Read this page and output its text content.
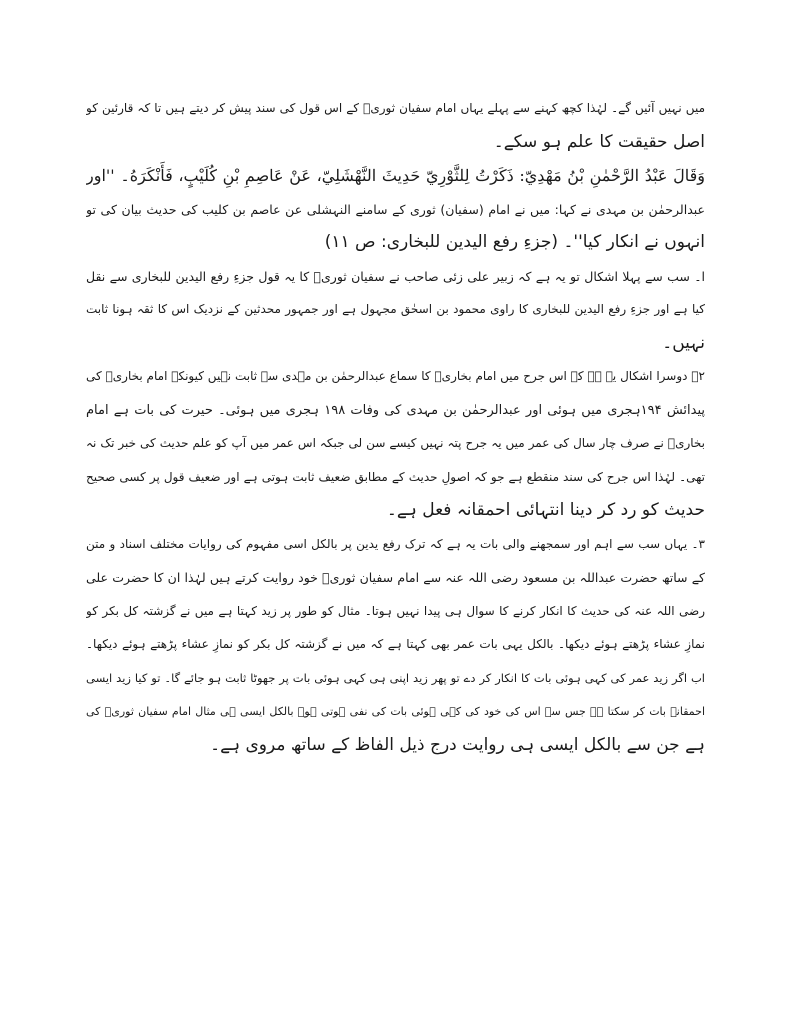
میں نہیں آئیں گے۔ لہٰذا کچھ کہنے سے پہلے یہاں امام سفیان ثوریؒ کے اس قول کی سند پیش کر دیتے ہیں تا کہ قارئین کو
اصل حقیقت کا علم ہو سکے۔
وَقَالَ عَبْدُ الرَّحْمٰنِ بْنُ مَهْدِيّ: ذَكَرْتُ لِلثَّوْرِيّ حَدِيثَ النَّهْشَلِيّ، عَنْ عَاصِمِ بْنِ كُلَيْبٍ، فَأَنْكَرَهُ۔ ''اور
عبدالرحمٰن بن مہدی نے کہا: میں نے امام (سفیان) ثوری کے سامنے النہشلی عن عاصم بن کلیب کی حدیث بیان کی تو
انہوں نے انکار کیا''۔ (جزءِ رفع الیدین للبخاری: ص ۱۱)
ا۔ سب سے پہلا اشکال تو یہ ہے کہ زبیر علی زئی صاحب نے سفیان ثوریؒ کا یہ قول جزءِ رفع الیدین للبخاری سے نقل
کیا ہے اور جزءِ رفع الیدین للبخاری کا راوی محمود بن اسحٰق مجہول ہے اور جمہور محدثین کے نزدیک اس کا ثقہ ہونا ثابت
نہیں۔
۲۔ دوسرا اشکال یہ ہے کہ اس جرح میں امام بخاریؒ کا سماع عبدالرحمٰن بن مہدی سے ثابت نہیں کیونکہ امام بخاریؒ کی
پیدائش ۱۹۴ہجری میں ہوئی اور عبدالرحمٰن بن مہدی کی وفات ۱۹۸ ہجری میں ہوئی۔ حیرت کی بات ہے امام
بخاریؒ نے صرف چار سال کی عمر میں یہ جرح پتہ نہیں کیسے سن لی جبکہ اس عمر میں آپ کو علم حدیث کی خبر تک نہ
تھی۔ لہٰذا اس جرح کی سند منقطع ہے جو کہ اصولِ حدیث کے مطابق ضعیف ثابت ہوتی ہے اور ضعیف قول پر کسی صحیح
حدیث کو رد کر دینا انتہائی احمقانہ فعل ہے۔
۳۔ یہاں سب سے اہم اور سمجھنے والی بات یہ ہے کہ ترک رفع یدین پر بالکل اسی مفہوم کی روایات مختلف اسناد و متن
کے ساتھ حضرت عبداللہ بن مسعود رضی اللہ عنہ سے امام سفیان ثوریؒ خود روایت کرتے ہیں لہٰذا ان کا حضرت علی
رضی اللہ عنہ کی حدیث کا انکار کرنے کا سوال ہی پیدا نہیں ہوتا۔ مثال کو طور پر زید کہتا ہے میں نے گزشتہ کل بکر کو
نمازِ عشاء پڑھتے ہوئے دیکھا۔ بالکل یہی بات عمر بھی کہتا ہے کہ میں نے گزشتہ کل بکر کو نمازِ عشاء پڑھتے ہوئے دیکھا۔
اب اگر زید عمر کی کہی ہوئی بات کا انکار کر دے تو پھر زید اپنی ہی کہی ہوئی بات پر جھوٹا ثابت ہو جائے گا۔ تو کیا زید ایسی
احمقانہ بات کر سکتا ہے جس سے اس کی خود کی کہی ہوئی بات کی نفی ہوتی ہو۔ بالکل ایسی ہی مثال امام سفیان ثوریؒ کی
ہے جن سے بالکل ایسی ہی روایت درج ذیل الفاظ کے ساتھ مروی ہے۔
